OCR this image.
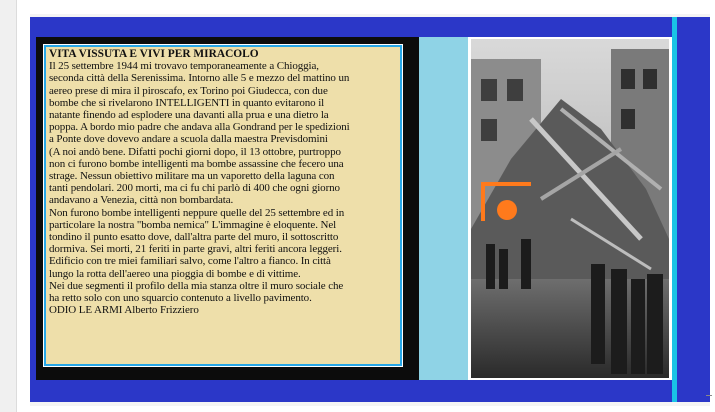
VITA VISSUTA E VIVI PER MIRACOLO
Il 25 settembre 1944 mi trovavo temporaneamente a Chioggia,
seconda città della Serenissima. Intorno alle 5 e mezzo del mattino un
aereo prese di mira il piroscafo, ex Torino poi Giudecca, con due
bombe che si rivelarono INTELLIGENTI in quanto evitarono il
natante finendo ad esplodere una davanti alla prua e una dietro la
poppa. A bordo mio padre che andava alla Gondrand per le spedizioni
a Ponte dove dovevo andare a scuola dalla maestra Previsdomini
(A noi andò bene. Difatti pochi giorni dopo, il 13 ottobre, purtroppo
non ci furono bombe intelligenti ma bombe assassine che fecero una
strage. Nessun obiettivo militare ma un vaporetto della laguna con
tanti pendolari. 200 morti, ma ci fu chi parlò di 400 che ogni giorno
andavano a Venezia, città non bombardata.
Non furono bombe intelligenti neppure quelle del 25 settembre ed in
particolare la nostra "bomba nemica" L'immagine è eloquente. Nel
tondino il punto esatto dove, dall'altra parte del muro, il sottoscritto
dormiva. Sei morti, 21 feriti in parte gravi, altri feriti ancora leggeri.
Edificio con tre miei familiari salvo, come l'altro a fianco. In città
lungo la rotta dell'aereo una pioggia di bombe e di vittime.
Nei due segmenti il profilo della mia stanza oltre il muro sociale che
ha retto solo con uno squarcio contenuto a livello pavimento.
ODIO LE ARMI Alberto Frizziero
